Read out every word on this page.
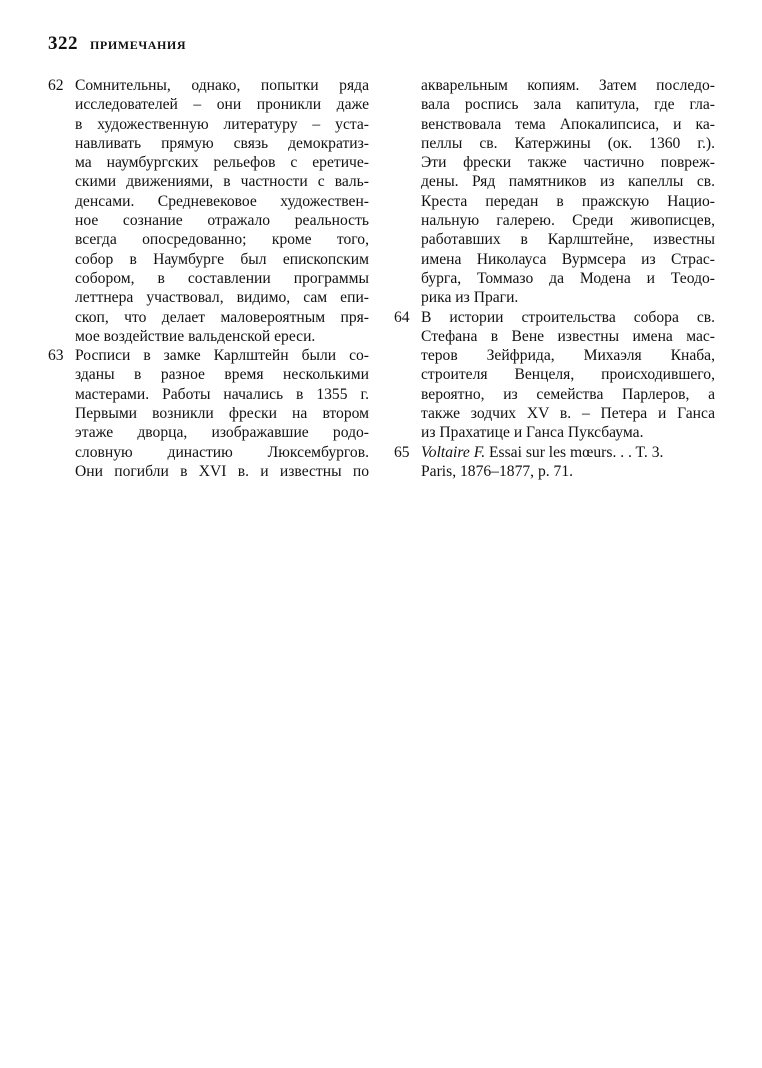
322 ПРИМЕЧАНИЯ
62 Сомнительны, однако, попытки ряда
исследователей – они проникли даже
в художественную литературу – уста-
навливать прямую связь демократиз-
ма наумбургских рельефов с еретиче-
скими движениями, в частности с валь-
денсами. Средневековое художествен-
ное сознание отражало реальность
всегда опосредованно; кроме того,
собор в Наумбурге был епископским
собором, в составлении программы
леттнера участвовал, видимо, сам епи-
скоп, что делает маловероятным пря-
мое воздействие вальденской ереси.
63 Росписи в замке Карлштейн были со-
зданы в разное время несколькими
мастерами. Работы начались в 1355 г.
Первыми возникли фрески на втором
этаже дворца, изображавшие родо-
словную династию Люксембургов.
Они погибли в XVI в. и известны по
акварельным копиям. Затем последо-
вала роспись зала капитула, где гла-
венствовала тема Апокалипсиса, и ка-
пеллы св. Катержины (ок. 1360 г.).
Эти фрески также частично повреж-
дены. Ряд памятников из капеллы св.
Креста передан в пражскую Нацио-
нальную галерею. Среди живописцев,
работавших в Карлштейне, известны
имена Николауса Вурмсера из Страс-
бурга, Томмазо да Модена и Теодо-
рика из Праги.
64 В истории строительства собора св.
Стефана в Вене известны имена мас-
теров Зейфрида, Михаэля Кнаба,
строителя Венцеля, происходившего,
вероятно, из семейства Парлеров, а
также зодчих XV в. – Петера и Ганса
из Прахатице и Ганса Пуксбаума.
65 Voltaire F. Essai sur les mœurs. . . T. 3.
Paris, 1876–1877, p. 71.
